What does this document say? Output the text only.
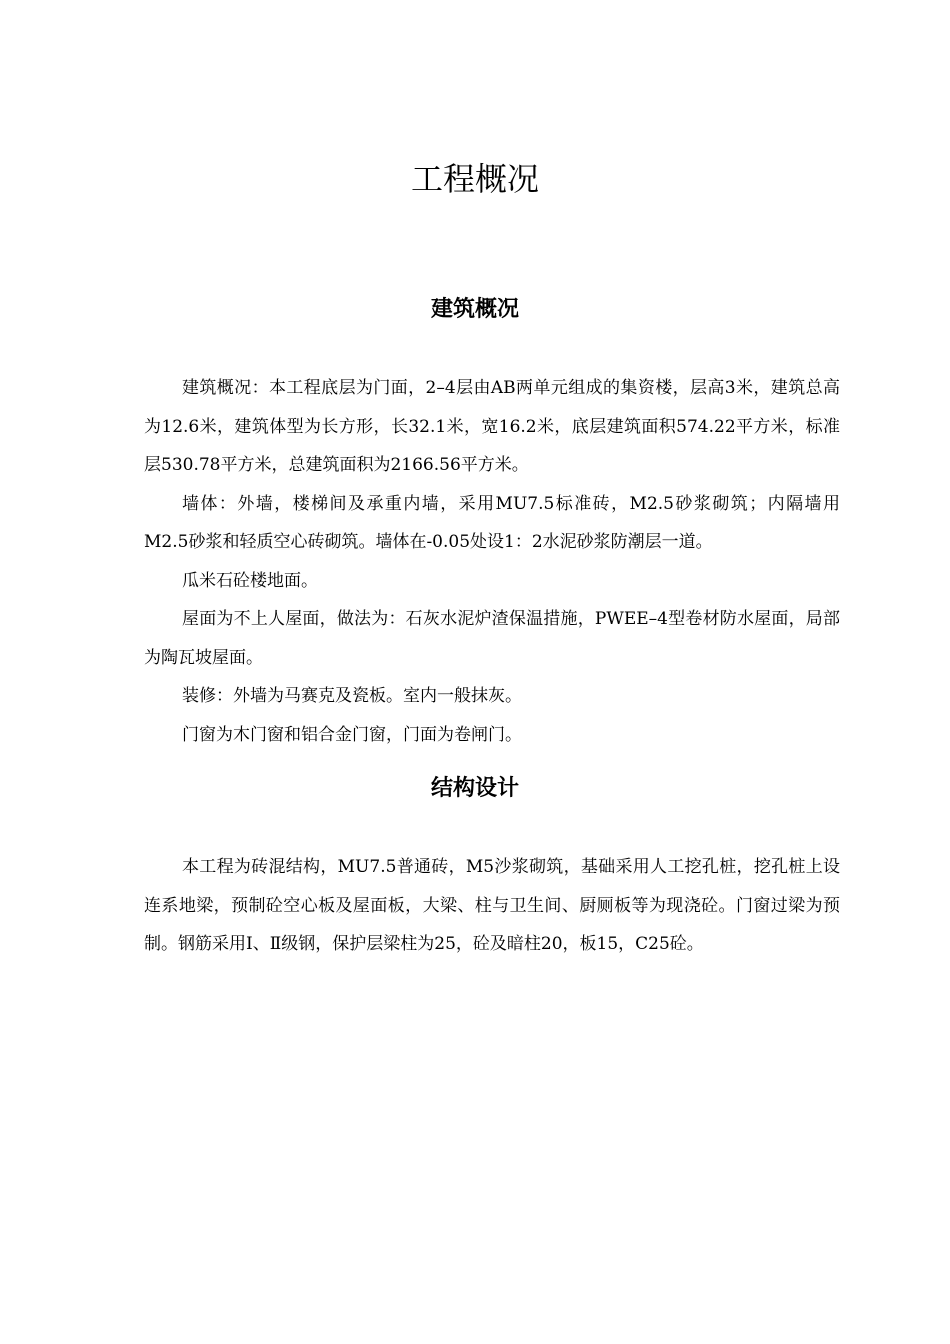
工程概况
建筑概况

建筑概况：本工程底层为门面，2–4层由AB两单元组成的集资楼，层高3米，建筑总高为12.6米，建筑体型为长方形，长32.1米，宽16.2米，底层建筑面积574.22平方米，标准层530.78平方米，总建筑面积为2166.56平方米。

墙体：外墙，楼梯间及承重内墙，采用MU7.5标准砖，M2.5砂浆砌筑；内隔墙用 M2.5砂浆和轻质空心砖砌筑。墙体在-0.05处设1：2水泥砂浆防潮层一道。

瓜米石砼楼地面。

屋面为不上人屋面，做法为：石灰水泥炉渣保温措施，PWEE–4型卷材防水屋面，局部为陶瓦坡屋面。

装修：外墙为马赛克及瓷板。室内一般抹灰。

门窗为木门窗和铝合金门窗，门面为卷闸门。

结构设计

本工程为砖混结构，MU7.5普通砖，M5沙浆砌筑，基础采用人工挖孔桩，挖孔桩上设连系地梁，预制砼空心板及屋面板，大梁、柱与卫生间、厨厕板等为现浇砼。门窗过梁为预制。钢筋采用Ⅰ、Ⅱ级钢，保护层梁柱为25，砼及暗柱20，板15，C25砼。
